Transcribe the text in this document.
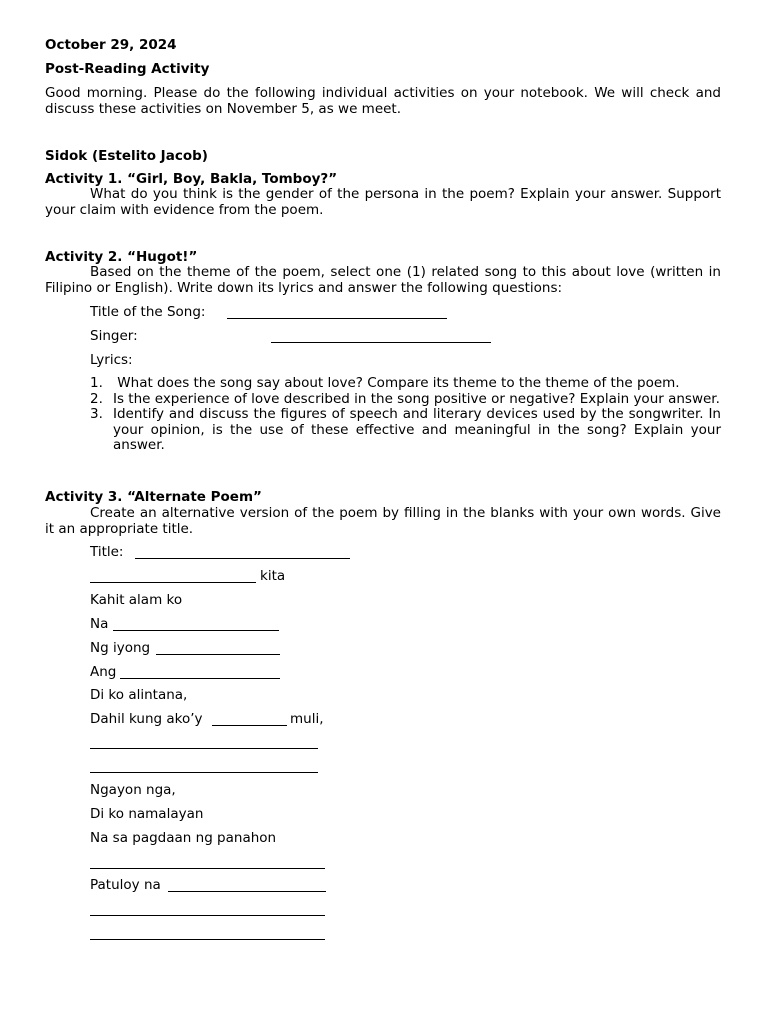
October 29, 2024
Post-Reading Activity
Good morning. Please do the following individual activities on your notebook. We will check and discuss these activities on November 5, as we meet.
Sidok (Estelito Jacob)
Activity 1. “Girl, Boy, Bakla, Tomboy?”
What do you think is the gender of the persona in the poem? Explain your answer. Support your claim with evidence from the poem.
Activity 2. “Hugot!”
Based on the theme of the poem, select one (1) related song to this about love (written in Filipino or English). Write down its lyrics and answer the following questions:
Title of the Song:
Singer:
Lyrics:
1. What does the song say about love? Compare its theme to the theme of the poem.
2. Is the experience of love described in the song positive or negative? Explain your answer.
3. Identify and discuss the figures of speech and literary devices used by the songwriter. In your opinion, is the use of these effective and meaningful in the song? Explain your answer.
Activity 3. “Alternate Poem”
Create an alternative version of the poem by filling in the blanks with your own words. Give it an appropriate title.
Title:
kita
Kahit alam ko
Na
Ng iyong
Ang
Di ko alintana,
Dahil kung ako’y	muli,
Ngayon nga,
Di ko namalayan
Na sa pagdaan ng panahon
Patuloy na
